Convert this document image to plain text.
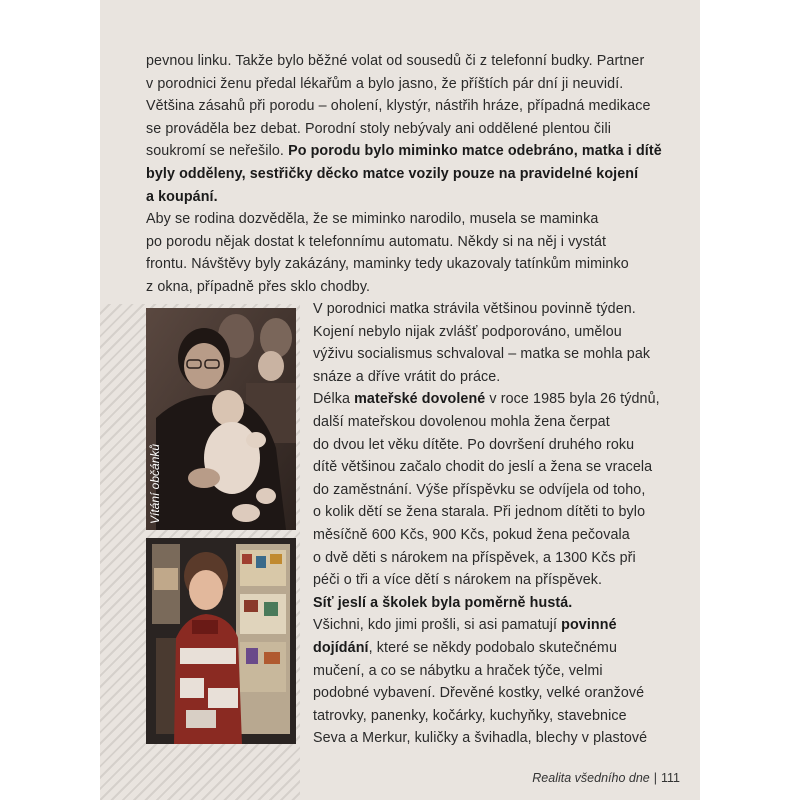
pevnou linku. Takže bylo běžné volat od sousedů či z telefonní budky. Partner
v porodnici ženu předal lékařům a bylo jasno, že příštích pár dní ji neuvidí.
Většina zásahů při porodu – oholení, klystýr, nástřih hráze, případná medikace
se prováděla bez debat. Porodní stoly nebývaly ani oddělené plentou čili
soukromí se neřešilo. Po porodu bylo miminko matce odebráno, matka i dítě
byly odděleny, sestřičky děcko matce vozily pouze na pravidelné kojení
a koupání.
Aby se rodina dozvěděla, že se miminko narodilo, musela se maminka
po porodu nějak dostat k telefonnímu automatu. Někdy si na něj i vystát
frontu. Návštěvy byly zakázány, maminky tedy ukazovaly tatínkům miminko
z okna, případně přes sklo chodby.
Vítání občánků
V porodnici matka strávila většinou povinně týden.
Kojení nebylo nijak zvlášť podporováno, umělou
výživu socialismus schvaloval – matka se mohla pak
snáze a dříve vrátit do práce.
Délka mateřské dovolené v roce 1985 byla 26 týdnů,
další mateřskou dovolenou mohla žena čerpat
do dvou let věku dítěte. Po dovršení druhého roku
dítě většinou začalo chodit do jeslí a žena se vracela
do zaměstnání. Výše příspěvku se odvíjela od toho,
o kolik dětí se žena starala. Při jednom dítěti to bylo
měsíčně 600 Kčs, 900 Kčs, pokud žena pečovala
o dvě děti s nárokem na příspěvek, a 1300 Kčs při
péči o tři a více dětí s nárokem na příspěvek.
Síť jeslí a školek byla poměrně hustá.
Všichni, kdo jimi prošli, si asi pamatují povinné
dojídání, které se někdy podobalo skutečnému
mučení, a co se nábytku a hraček týče, velmi
podobné vybavení. Dřevěné kostky, velké oranžové
tatrovky, panenky, kočárky, kuchyňky, stavebnice
Seva a Merkur, kuličky a švihadla, blechy v plastové
Realita všedního dne | 111
